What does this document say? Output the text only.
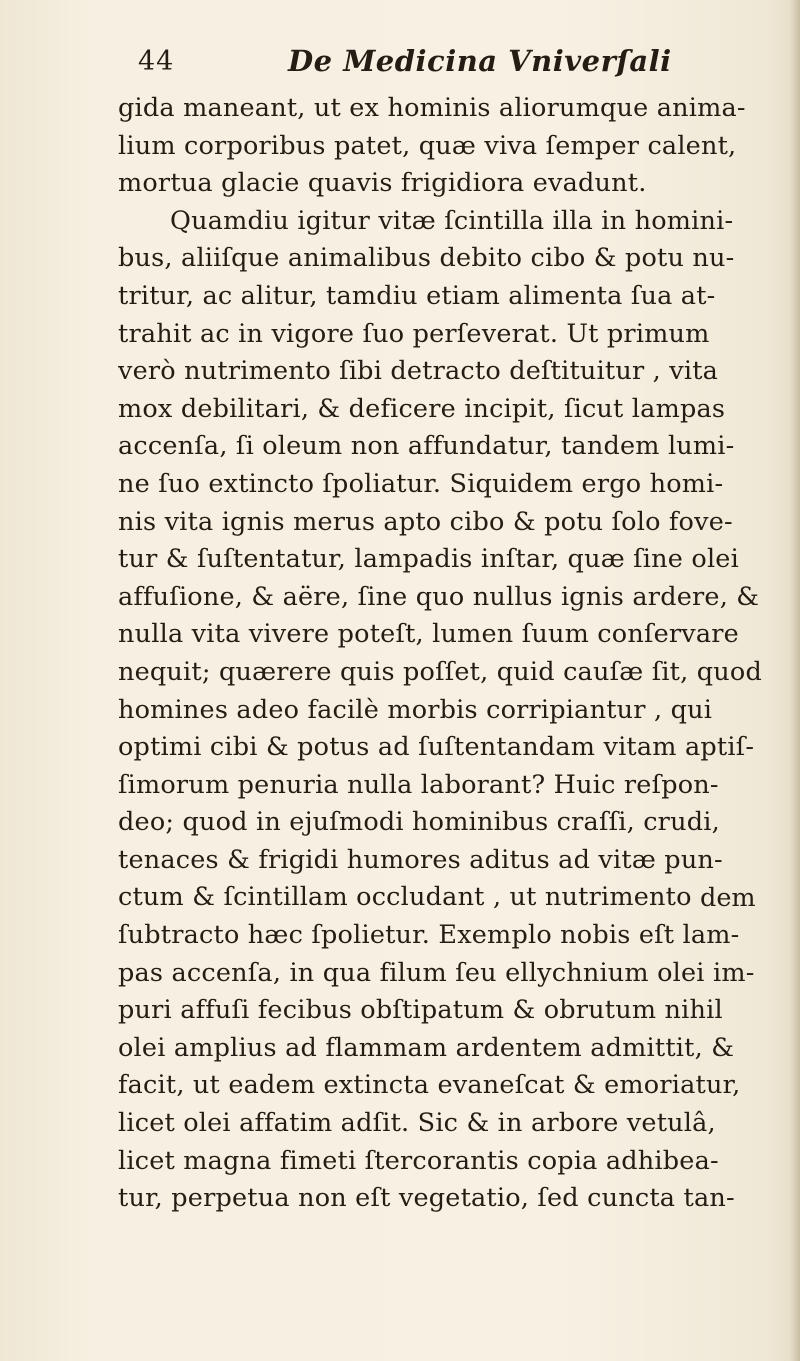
44	De Medicina Vniverſali
gida maneant, ut ex hominis aliorumque anima-
lium corporibus patet, quæ viva ſemper calent,
mortua glacie quavis frigidiora evadunt.
Quamdiu igitur vitæ ſcintilla illa in homini-
bus, aliiſque animalibus debito cibo & potu nu-
tritur, ac alitur, tamdiu etiam alimenta ſua at-
trahit ac in vigore ſuo perſeverat. Ut primum
verò nutrimento ſibi detracto deſtituitur , vita
mox debilitari, & deficere incipit, ſicut lampas
accenſa, ſi oleum non affundatur, tandem lumi-
ne ſuo extincto ſpoliatur. Siquidem ergo homi-
nis vita ignis merus apto cibo & potu ſolo fove-
tur & ſuſtentatur, lampadis inſtar, quæ ſine olei
affuſione, & aëre, ſine quo nullus ignis ardere, &
nulla vita vivere poteſt, lumen ſuum conſervare
nequit; quærere quis poſſet, quid cauſæ ſit, quod
homines adeo facilè morbis corripiantur , qui
optimi cibi & potus ad ſuſtentandam vitam aptiſ-
ſimorum penuria nulla laborant? Huic reſpon-
deo; quod in ejuſmodi hominibus craſſi, crudi,
tenaces & frigidi humores aditus ad vitæ pun-
ctum & ſcintillam occludant , ut nutrimento
ſubtracto hæc ſpolietur. Exemplo nobis eſt lam-
pas accenſa, in qua filum ſeu ellychnium olei im-
puri affuſi fecibus obſtipatum & obrutum nihil
olei amplius ad flammam ardentem admittit, &
facit, ut eadem extincta evaneſcat & emoriatur,
licet olei affatim adſit. Sic & in arbore vetulâ,
licet magna fimeti ſtercorantis copia adhibea-
tur, perpetua non eſt vegetatio, ſed cuncta tan-
dem
